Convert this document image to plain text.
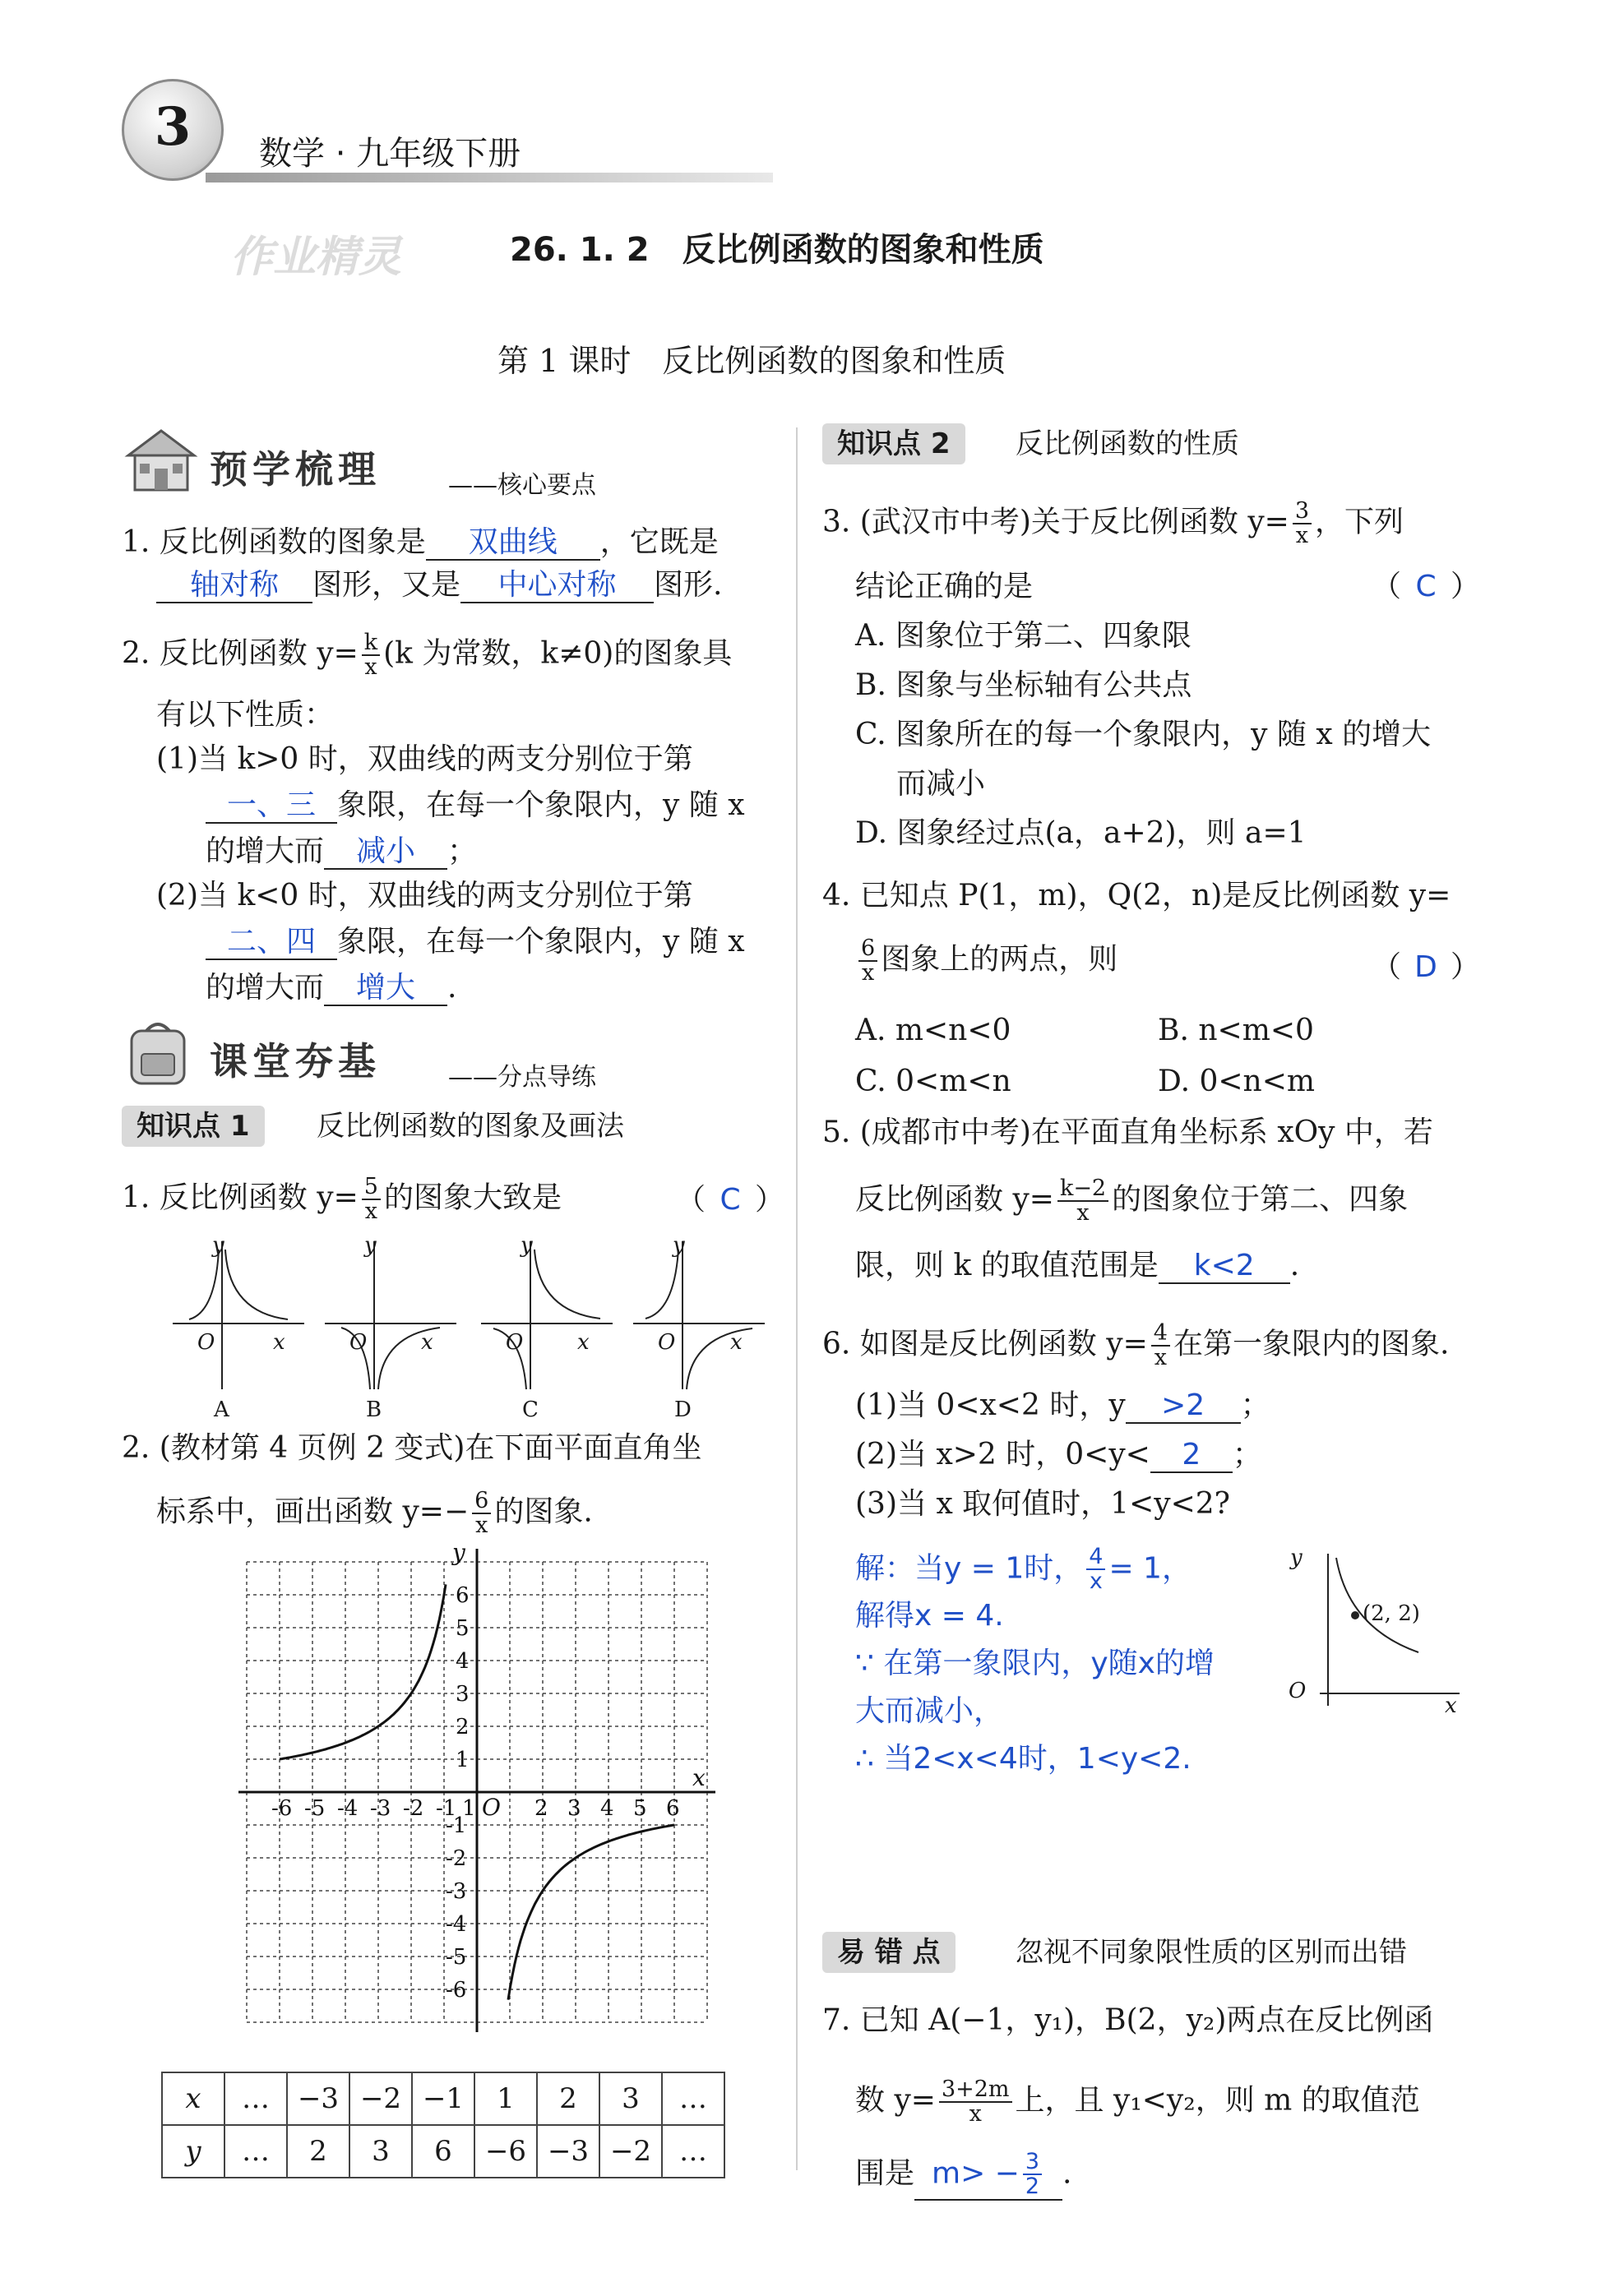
3	数学 · 九年级下册
作业精灵	26. 1. 2　反比例函数的图象和性质
第 1 课时　反比例函数的图象和性质
预学梳理	——核心要点
1. 反比例函数的图象是 双曲线 ，它既是
轴对称 图形，又是 中心对称 图形.
2. 反比例函数 $y= \frac{k}{x} (k$ 为常数，k≠0)的图象具
有以下性质：
(1)当 k>0 时，双曲线的两支分别位于第
一、三 象限，在每一个象限内，y 随 x
的增大而 减小 ；
(2)当 k<0 时，双曲线的两支分别位于第
二、四 象限，在每一个象限内，y 随 x
的增大而 增大 .
课堂夯基	——分点导练
知识点 1	反比例函数的图象及画法
1. 反比例函数 $y= \frac{5}{x}$ 的图象大致是	（ C ）
y	y	y	y
O	O	O	O
x	x	x	x
A	B	C	D
2. (教材第 4 页例 2 变式)在下面平面直角坐
标系中，画出函数 $y=- \frac{6}{x}$ 的图象.
-6 -5 -4 -3 -2 -1	2 3 4 5 6
6
5
4
3
2
1
-1
-2
-3
-4
-5
-6
O
1
x
y
x	…	−3	−2	−1	1	2	3	…
y	…	2	3	6	−6	−3	−2	…
知识点 2	反比例函数的性质
3. (武汉市中考)关于反比例函数 $y= \frac{3}{x}$ ，下列
结论正确的是	（ C ）
A. 图象位于第二、四象限
B. 图象与坐标轴有公共点
C. 图象所在的每一个象限内，y 随 x 的增大
而减小
D. 图象经过点(a，a+2)，则 a=1
4. 已知点 P(1，m)，Q(2，n)是反比例函数 y=
$\frac{6}{x}$ 图象上的两点，则	（ D ）
A. m<n<0	B. n<m<0
C. 0<m<n	D. 0<n<m
5. (成都市中考)在平面直角坐标系 xOy 中，若
反比例函数 $y= \frac{k-2}{x}$ 的图象位于第二、四象
限，则 k 的取值范围是 k<2 .
6. 如图是反比例函数 $y= \frac{4}{x}$ 在第一象限内的图象.
(1)当 0<x<2 时，y >2 ；
(2)当 x>2 时，0<y< 2 ；
(3)当 x 取何值时，1<y<2?
解：当y = 1时， $\frac{4}{x} = 1$，
解得x = 4.
∵ 在第一象限内，y随x的增
大而减小，
∴ 当2<x<4时，1<y<2.
y
x
O
(2, 2)
易 错 点	忽视不同象限性质的区别而出错
7. 已知 A(−1，y₁)，B(2，y₂)两点在反比例函
数 $y= \frac{3+2m}{x}$ 上，且 y₁<y₂，则 m 的取值范
围是 $m> - \frac{3}{2}$ .
